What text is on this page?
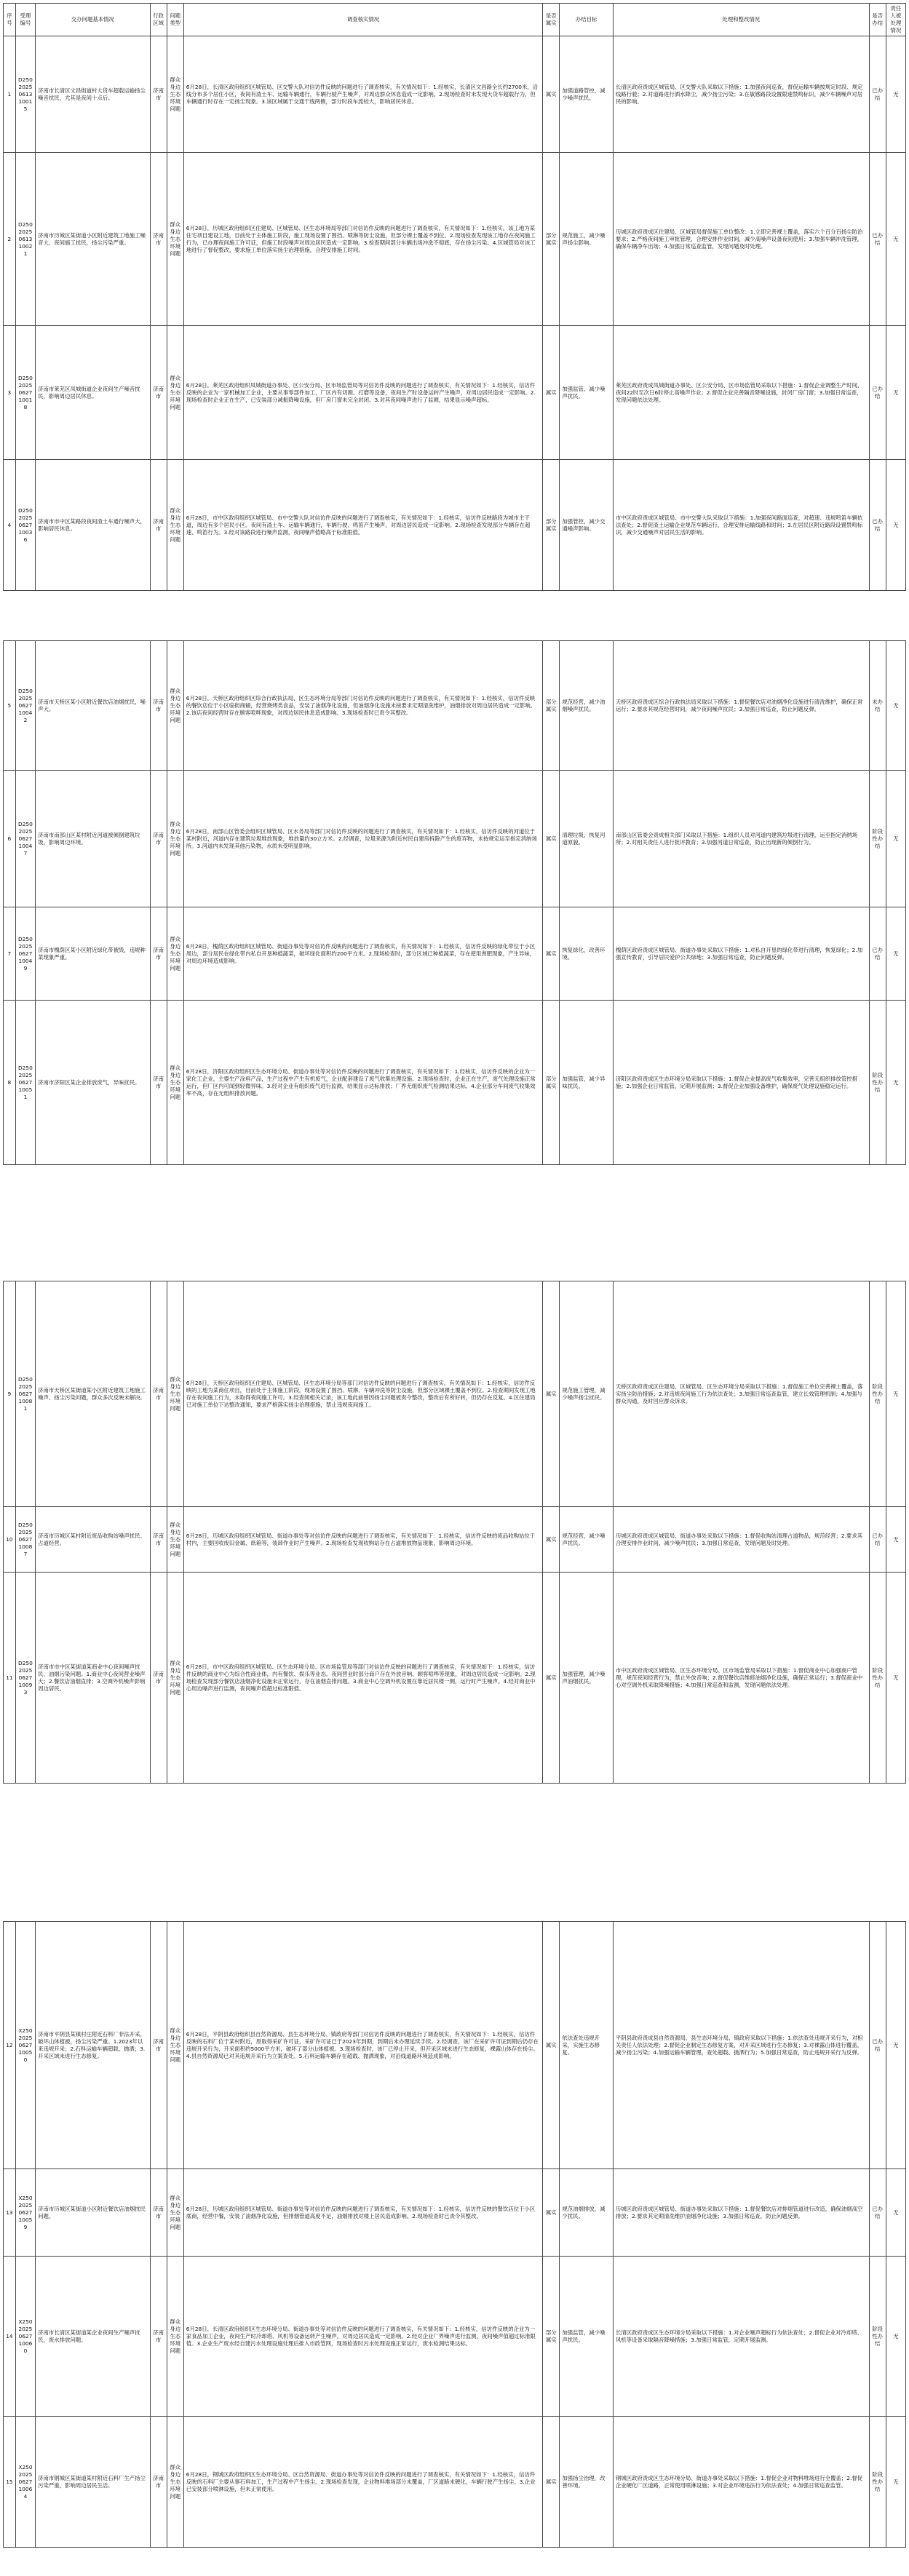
序号	受理编号	交办问题基本情况	行政区域	问题类型	调查核实情况	是否属实	办结目标	处理和整改情况	是否办结	责任人被处理情况
1	D2502025061310015	济南市长清区文昌街道村大货车超载运输扬尘噪音扰民，尤其是夜间十点后。	济南市	群众身边生态环境问题	6月28日，长清区政府组织区城管局、区交警大队对信访件反映的问题进行了调查核实，有关情况如下：1.经核实，长清区文昌路全长约2700米，沿线分布多个居住小区，夜间有渣土车、运输车辆通行，车辆行驶产生噪声，对周边群众休息造成一定影响。2.现场检查时未发现大货车超载行为，但车辆通行时存在一定扬尘现象。3.该区域属于交通干线两侧，部分时段车流较大，影响居民休息。	属实	加强道路管控，减少噪声扰民。	长清区政府责成区城管局、区交警大队采取以下措施：1.加强夜间巡查，督促运输车辆按规定时段、规定线路行驶；2.对道路进行洒水降尘，减少扬尘污染；3.在敏感路段设置限速禁鸣标识，减少车辆噪声对居民的影响。	已办结	无
2	D2502025061310021	济南市历城区某街道小区附近建筑工地施工噪音大、夜间施工扰民，扬尘污染严重。	济南市	群众身边生态环境问题	6月28日，历城区政府组织区住建局、区城管局、区生态环境局等部门对信访件反映的问题进行了调查核实，有关情况如下：1.经核实，该工地为某住宅项目建设工地，目前处于主体施工阶段，施工现场设置了围挡、喷淋等防尘设施，但部分裸土覆盖不到位。2.现场检查发现该工地存在夜间施工行为，已办理夜间施工许可证，但施工时段噪声对周边居民造成一定影响。3.检查期间部分车辆出场冲洗不彻底，存在扬尘污染。4.区城管局对该工地进行了督促整改，要求施工单位落实扬尘治理措施，合理安排施工时间。	部分属实	规范施工，减少噪声扬尘影响。	历城区政府责成区住建局、区城管局督促施工单位整改：1.立即完善裸土覆盖，落实六个百分百扬尘防治要求；2.严格夜间施工审批管理，合理安排作业时间，减少高噪声设备夜间使用；3.加强车辆冲洗管理，确保车辆净车出场；4.加强日常巡查监管，发现问题及时处理。	已办结	无
3	D2502025062710018	济南市莱芜区凤城街道企业夜间生产噪音扰民，影响周边居民休息。	济南市	群众身边生态环境问题	6月28日，莱芜区政府组织凤城街道办事处、区公安分局、区市场监管局等对信访件反映的问题进行了调查核实，有关情况如下：1.经核实，信访件反映的企业为一家机械加工企业，主要从事零部件加工，厂区内有切割、打磨等设备，夜间生产时设备运转产生噪声，对周边居民造成一定影响。2.现场检查时企业正在生产，已安装部分减振降噪设施，但厂房门窗未完全封闭。3.对其夜间噪声进行了监测，结果显示噪声超标。	属实	加强监管，减少噪声扰民。	莱芜区政府责成凤城街道办事处、区公安分局、区市场监管局采取以下措施：1.督促企业调整生产时间，夜间22时至次日6时停止高噪声作业；2.督促企业完善隔音降噪设施，封闭厂房门窗；3.加强日常巡查，发现问题依法处理。	已办结	无
4	D2502025062710036	济南市市中区某路段夜间渣土车通行噪声大，影响居民休息。	济南市	群众身边生态环境问题	6月28日，市中区政府组织区城管局、市中交警大队对信访件反映的问题进行了调查核实，有关情况如下：1.经核实，信访件反映路段为城市主干道，周边有多个居民小区。夜间有渣土车、运输车辆通行，车辆行驶、鸣笛产生噪声，对周边居民造成一定影响。2.现场检查发现部分车辆存在超速、鸣笛行为。3.经对该路段进行噪声监测，夜间噪声值略高于标准限值。	部分属实	加强管控，减少交通噪声影响。	市中区政府责成区城管局、市中交警大队采取以下措施：1.加强夜间路面巡查，对超速、违规鸣笛车辆依法查处；2.督促渣土运输企业规范车辆运行，合理安排运输线路和时间；3.在居民区附近路段设置禁鸣标识，减少交通噪声对居民生活的影响。	已办结	无
5	D2502025062710042	济南市天桥区某小区附近餐饮店油烟扰民，噪声大。	济南市	群众身边生态环境问题	6月28日，天桥区政府组织区综合行政执法局、区生态环境分局等部门对信访件反映的问题进行了调查核实，有关情况如下：1.经核实，信访件反映的餐饮店位于小区临街商铺，经营烧烤类食品，安装了油烟净化设施，但油烟净化设施未按要求定期清洗维护，油烟排放对周边居民造成一定影响。2.该店夜间经营时存在顾客喧哗现象，对周边居民休息造成影响。3.现场检查时已责令其整改。	部分属实	规范经营，减少油烟噪声扰民。	天桥区政府责成区综合行政执法局采取以下措施：1.督促餐饮店对油烟净化设施进行清洗维护，确保正常运行；2.要求其规范经营时间，减少夜间噪声扰民；3.加强日常巡查，防止问题反弹。	未办结	无
6	D2502025062710047	济南市南部山区某村附近河道被倾倒建筑垃圾，影响周边环境。	济南市	群众身边生态环境问题	6月28日，南部山区管委会组织区城管局、区水务局等部门对信访件反映的问题进行了调查核实，有关情况如下：1.经核实，信访件反映的河道位于某村附近，河道内存在建筑垃圾堆放现象，堆放量约30立方米。2.经调查，垃圾来源为附近村民自建房拆除产生的废弃物，未按规定运至指定消纳场所。3.河道内未发现其他污染物，水质未受明显影响。	属实	清理垃圾，恢复河道原貌。	南部山区管委会责成相关部门采取以下措施：1.组织人员对河道内建筑垃圾进行清理，运至指定消纳场所；2.对相关责任人进行批评教育；3.加强河道日常巡查，防止出现新的倾倒行为。	阶段性办结	无
7	D2502025062710049	济南市槐荫区某小区附近绿化带被毁，违规种菜现象严重。	济南市	群众身边生态环境问题	6月28日，槐荫区政府组织区城管局、街道办事处等对信访件反映的问题进行了调查核实，有关情况如下：1.经核实，信访件反映的绿化带位于小区周边，部分居民在绿化带内私自开垦种植蔬菜，破坏绿化面积约200平方米。2.现场检查时，部分区域已种植蔬菜，存在使用粪肥现象，产生异味，对周边环境造成影响。	属实	恢复绿化，改善环境。	槐荫区政府责成区城管局、街道办事处采取以下措施：1.对私自开垦的绿化带进行清理，恢复绿化；2.加强宣传教育，引导居民爱护公共绿地；3.加强日常巡查，防止问题反弹。	已办结	无
8	D2502025062710051	济南市济阳区某企业排放废气，异味扰民。	济南市	群众身边生态环境问题	6月28日，济阳区政府组织区生态环境分局、街道办事处等对信访件反映的问题进行了调查核实，有关情况如下：1.经核实，信访件反映的企业为一家化工企业，主要生产涂料产品，生产过程中产生有机废气，企业配套建设了废气收集处理设施。2.现场检查时，企业正在生产，废气处理设施正常运行，但厂区内可闻到轻微异味。3.经对企业有组织废气进行监测，结果显示达标排放；厂界无组织废气检测结果达标。4.企业部分车间废气收集效率不高，存在无组织排放问题。	部分属实	加强监管，减少异味扰民。	济阳区政府责成区生态环境分局采取以下措施：1.督促企业提高废气收集效率，完善无组织排放管控措施；2.加强企业日常监管，定期开展监测；3.督促企业加强设备维护，确保废气处理设施稳定运行。	阶段性办结	无
9	D2502025062710081	济南市天桥区某街道某小区附近建筑工地施工噪声、扬尘污染问题，群众多次反映未解决。	济南市	群众身边生态环境问题	6月28日，天桥区政府组织区住建局、区城管局、区生态环境分局等部门对信访件反映的问题进行了调查核实，有关情况如下：1.经核实，信访件反映的工地为某商住项目，目前处于主体施工阶段。现场设置了围挡、喷淋、车辆冲洗等防尘设施，但部分区域裸土覆盖不到位。2.检查期间发现工地存在夜间施工行为，未取得夜间施工许可。3.经查阅相关记录，该工地此前曾因扬尘问题被责令整改，整改后有所好转，但仍存在反复。4.区住建局已对施工单位下达整改通知，要求严格落实扬尘治理措施，禁止违规夜间施工。	属实	规范施工管理，减少噪声扬尘扰民。	天桥区政府责成区住建局、区城管局、区生态环境分局采取以下措施：1.督促施工单位完善裸土覆盖，落实扬尘防治措施；2.对违规夜间施工行为依法查处；3.加强日常巡查监管，建立长效管理机制；4.加强与群众沟通，及时回应群众诉求。	阶段性办结	无
10	D2502025062710087	济南市历城区某村附近废品收购站噪声扰民、占道经营。	济南市	群众身边生态环境问题	6月28日，历城区政府组织区城管局、街道办事处等对信访件反映的问题进行了调查核实，有关情况如下：1.经核实，信访件反映的废品收购站位于村内，主要回收废旧金属、纸箱等，装卸作业时产生噪声。2.现场检查发现收购站存在占道堆放物品现象，影响周边环境。	属实	规范经营，减少噪声扰民。	历城区政府责成区城管局、街道办事处采取以下措施：1.督促收购站清理占道物品，规范经营；2.要求其合理安排作业时间，减少噪声扰民；3.加强日常巡查，发现问题及时处理。	已办结	无
11	D2502025062710093	济南市市中区某街道某商业中心夜间噪声扰民、油烟污染问题。1.商业中心夜间营业噪声大；2.餐饮店油烟直排；3.空调外机噪声影响周边居民。	济南市	群众身边生态环境问题	6月28日，市中区政府组织区城管局、区生态环境分局、区市场监管局等部门对信访件反映的问题进行了调查核实，有关情况如下：1.经核实，信访件反映的商业中心为综合性商业体，内有餐饮、娱乐等业态。夜间营业时部分商户存在外放音响、顾客喧哗等现象，对周边居民造成一定影响。2.现场检查发现部分餐饮店油烟净化设施未正常运行，存在油烟直排问题。3.商业中心空调外机设置在靠近居民楼一侧，运行时产生噪声。4.经对商业中心周边噪声进行监测，夜间噪声值超过标准限值。	属实	加强管理，减少噪声油烟扰民。	市中区政府责成区城管局、区生态环境分局、区市场监管局采取以下措施：1.督促商业中心加强商户管理，规范夜间经营行为，禁止外放音响；2.督促餐饮店维修油烟净化设施，确保正常运行；3.督促商业中心对空调外机采取降噪措施；4.加强日常巡查和监测，发现问题依法处理。	阶段性办结	无
12	X2502025062710050	济南市平阴县某镇村庄附近石料厂非法开采，破坏山体植被，扬尘污染严重。1.2023年以来违规开采；2.石料运输车辆超载、抛洒；3.开采区域未进行生态修复。	济南市	群众身边生态环境问题	6月28日，平阴县政府组织县自然资源局、县生态环境分局、镇政府等部门对信访件反映的问题进行了调查核实，有关情况如下：1.经核实，信访件反映的石料厂位于某村附近，原取得采矿许可证，采矿许可证已于2023年到期，到期后未办理延续手续。2.经调查，该厂在采矿许可证到期后仍存在违规开采行为，开采面积约5000平方米，破坏了部分山体植被。3.现场检查时，该厂已停止开采，但开采区域未进行生态修复，裸露山体存在扬尘。4.县自然资源局已对其违规开采行为立案查处。5.石料运输车辆存在超载、抛洒现象，对沿线道路环境造成影响。	属实	依法查处违规开采，实施生态修复。	平阴县政府责成县自然资源局、县生态环境分局、镇政府采取以下措施：1.依法查处违规开采行为，对相关责任人依法处理；2.督促企业制定生态修复方案，对开采区域进行生态修复；3.对裸露山体进行覆盖，减少扬尘污染；4.加强运输车辆管理，查处超载、抛洒行为；5.加强日常巡查，防止违规开采行为反弹。	已办结	无
13	X2502025062710059	济南市历城区某街道小区附近餐饮店油烟扰民问题。	济南市	群众身边生态环境问题	6月28日，历城区政府组织区城管局、街道办事处等对信访件反映的问题进行了调查核实，有关情况如下：1.经核实，信访件反映的餐饮店位于小区底商，经营中餐，安装了油烟净化设施，但排烟管道高度不足，油烟排放对楼上居民造成影响。2.现场检查时已责令其整改。	属实	规范油烟排放，减少扰民。	历城区政府责成区城管局、街道办事处采取以下措施：1.督促餐饮店对排烟管道进行改造，确保油烟高空排放；2.要求其定期清洗维护油烟净化设施；3.加强日常巡查，防止问题反弹。	已办结	无
14	X2502025062710060	济南市长清区某街道某企业夜间生产噪声扰民，废水排放问题。	济南市	群众身边生态环境问题	6月28日，长清区政府组织区生态环境分局、街道办事处等对信访件反映的问题进行了调查核实，有关情况如下：1.经核实，信访件反映的企业为一家食品加工企业，夜间生产时冷却塔、风机等设备运转产生噪声，对周边居民造成一定影响。2.经对企业厂界噪声进行监测，夜间噪声值超过标准限值。3.企业生产废水经自建污水处理设施处理后排入市政管网，现场检查时污水处理设施正常运行，废水检测结果达标。	部分属实	加强监管，减少噪声扰民。	长清区政府责成区生态环境分局采取以下措施：1.对企业噪声超标行为依法查处；2.督促企业对冷却塔、风机等设备采取隔音降噪措施；3.加强日常监管，定期开展监测。	阶段性办结	无
15	X2502025062710064	济南市钢城区某街道某村附近石料厂生产扬尘污染严重，影响周边居民生活。	济南市	群众身边生态环境问题	6月28日，钢城区政府组织区生态环境分局、区自然资源局、街道办事处等对信访件反映的问题进行了调查核实，有关情况如下：1.经核实，信访件反映的石料厂主要从事石料加工，生产过程中产生扬尘。2.现场检查发现，企业物料堆场部分未覆盖，厂区道路未硬化，车辆行驶产生扬尘。3.企业已安装部分喷淋设施，但未正常使用。	属实	加强扬尘治理，改善环境。	钢城区政府责成区生态环境分局、街道办事处采取以下措施：1.督促企业对物料堆场进行全覆盖；2.督促企业硬化厂区道路，正常使用喷淋设施；3.对企业环境违法行为依法查处；4.加强日常巡查监管。	阶段性办结	无
